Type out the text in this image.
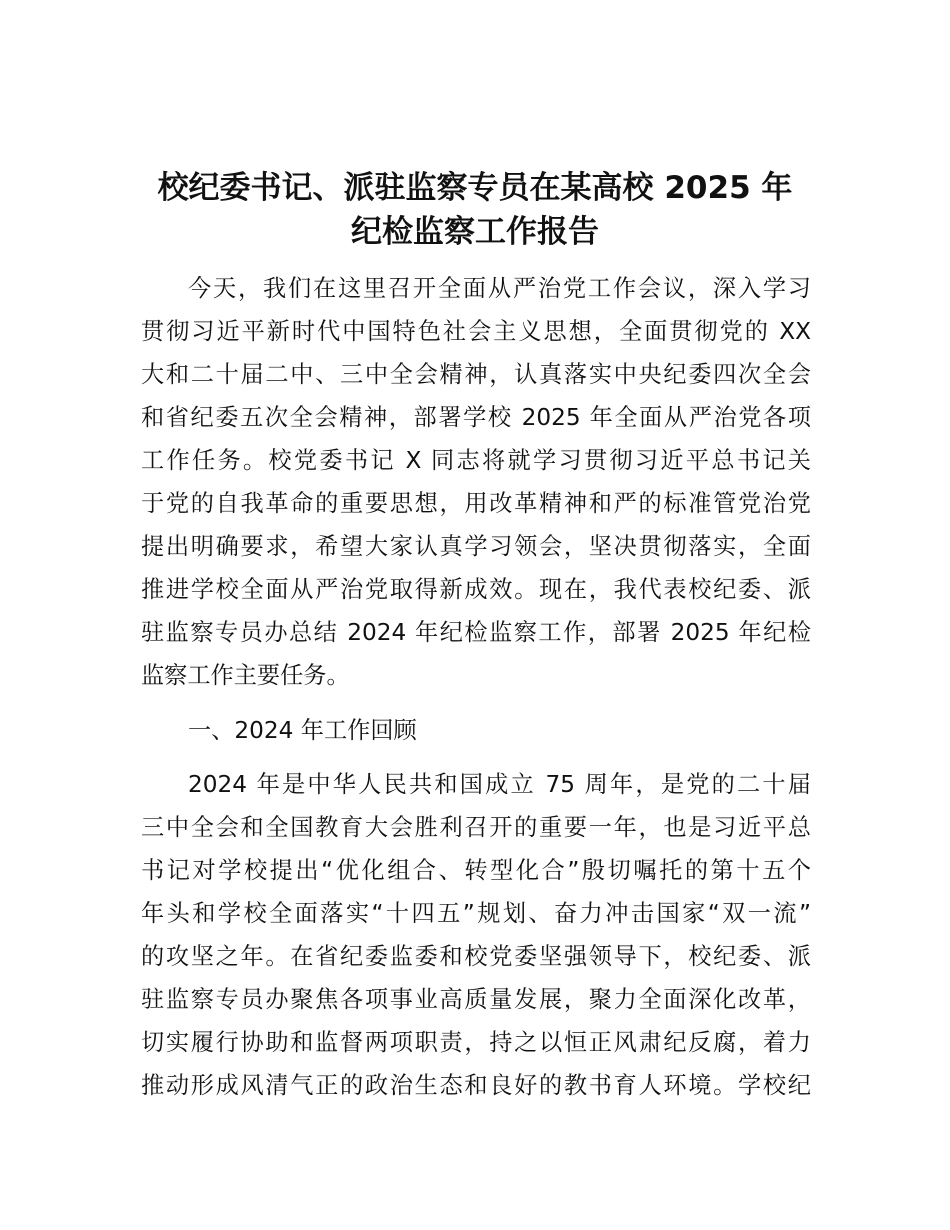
校纪委书记、派驻监察专员在某高校 2025 年
纪检监察工作报告
今天，我们在这里召开全面从严治党工作会议，深入学习
贯彻习近平新时代中国特色社会主义思想，全面贯彻党的 XX
大和二十届二中、三中全会精神，认真落实中央纪委四次全会
和省纪委五次全会精神，部署学校 2025 年全面从严治党各项
工作任务。校党委书记 X 同志将就学习贯彻习近平总书记关
于党的自我革命的重要思想，用改革精神和严的标准管党治党
提出明确要求，希望大家认真学习领会，坚决贯彻落实，全面
推进学校全面从严治党取得新成效。现在，我代表校纪委、派
驻监察专员办总结 2024 年纪检监察工作，部署 2025 年纪检
监察工作主要任务。
一、2024 年工作回顾
2024 年是中华人民共和国成立 75 周年，是党的二十届
三中全会和全国教育大会胜利召开的重要一年，也是习近平总
书记对学校提出“优化组合、转型化合”殷切嘱托的第十五个
年头和学校全面落实“十四五”规划、奋力冲击国家“双一流”
的攻坚之年。在省纪委监委和校党委坚强领导下，校纪委、派
驻监察专员办聚焦各项事业高质量发展，聚力全面深化改革，
切实履行协助和监督两项职责，持之以恒正风肃纪反腐，着力
推动形成风清气正的政治生态和良好的教书育人环境。学校纪
